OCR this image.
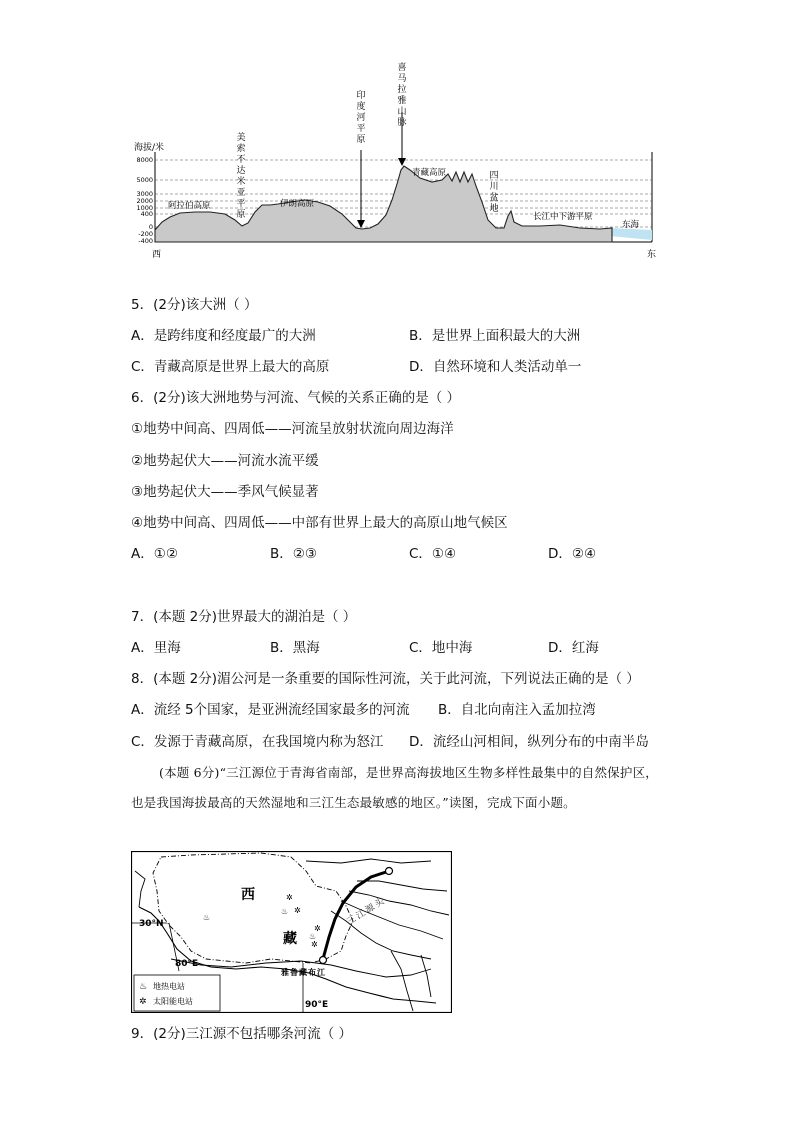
海拔/米
8000
5000
3000
2000
1000
400
0
-200
-400
西	东
阿拉伯高原	伊朗高原
青藏高原
长江中下游平原
东海
美索不达米亚平原
印度河平原
喜马拉雅山脉
四川盆地
5．(2分)该大洲（ ）
A．是跨纬度和经度最广的大洲	B．是世界上面积最大的大洲
C．青藏高原是世界上最大的高原	D．自然环境和人类活动单一
6．(2分)该大洲地势与河流、气候的关系正确的是（ ）
①地势中间高、四周低——河流呈放射状流向周边海洋
②地势起伏大——河流水流平缓
③地势起伏大——季风气候显著
④地势中间高、四周低——中部有世界上最大的高原山地气候区
A．①②	B．②③	C．①④	D．②④
7．(本题 2分)世界最大的湖泊是（ ）
A．里海	B．黑海	C．地中海	D．红海
8．(本题 2分)湄公河是一条重要的国际性河流，关于此河流，下列说法正确的是（ ）
A．流经 5个国家，是亚洲流经国家最多的河流 B．自北向南注入孟加拉湾
C．发源于青藏高原，在我国境内称为怒江 D．流经山河相间，纵列分布的中南半岛
(本题 6分)“三江源位于青海省南部，是世界高海拔地区生物多样性最集中的自然保护区，也是我国海拔最高的天然湿地和三江生态最敏感的地区。”读图，完成下面小题。
♨
♨
♨
✲
✲
✲
✲
西
藏
30°N
80°E
90°E
雅鲁藏布江
三江源头
♨ 地热电站
✲ 太阳能电站
9．(2分)三江源不包括哪条河流（ ）
